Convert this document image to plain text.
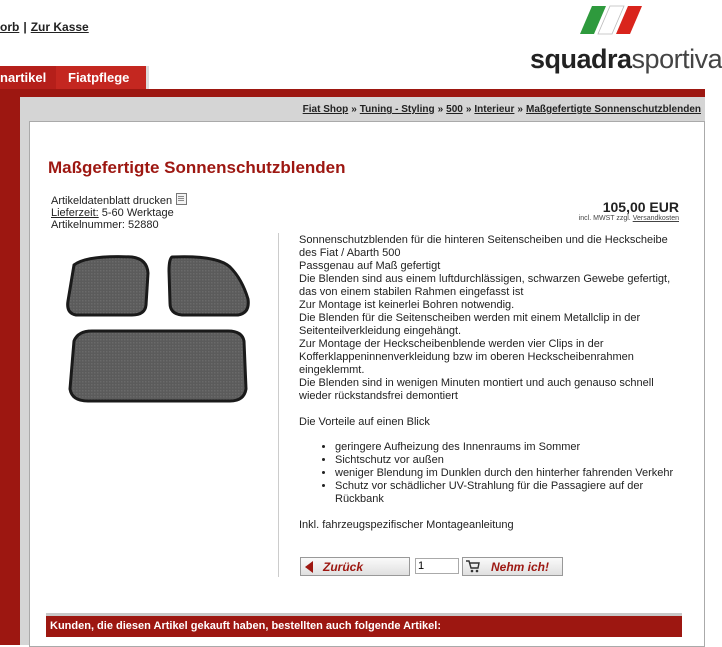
orb | Zur Kasse
squadrasportiva
nartikel Fiatpflege
Fiat Shop » Tuning - Styling » 500 » Interieur » Maßgefertigte Sonnenschutzblenden
Maßgefertigte Sonnenschutzblenden
Artikeldatenblatt drucken
Lieferzeit: 5-60 Werktage
Artikelnummer: 52880
105,00 EUR
incl. MWST zzgl. Versandkosten

Sonnenschutzblenden für die hinteren Seitenscheiben und die Heckscheibe des Fiat / Abarth 500

Passgenau auf Maß gefertigt

Die Blenden sind aus einem luftdurchlässigen, schwarzen Gewebe gefertigt, das von einem stabilen Rahmen eingefasst ist

Zur Montage ist keinerlei Bohren notwendig.

Die Blenden für die Seitenscheiben werden mit einem Metallclip in der Seitenteilverkleidung eingehängt.

Zur Montage der Heckscheibenblende werden vier Clips in der Kofferklappeninnenverkleidung bzw im oberen Heckscheibenrahmen eingeklemmt.

Die Blenden sind in wenigen Minuten montiert und auch genauso schnell wieder rückstandsfrei demontiert

Die Vorteile auf einen Blick

• geringere Aufheizung des Innenraums im Sommer
• Sichtschutz vor außen
• weniger Blendung im Dunklen durch den hinterher fahrenden Verkehr
• Schutz vor schädlicher UV-Strahlung für die Passagiere auf der Rückbank

Inkl. fahrzeugspezifischer Montageanleitung

Zurück
1	Nehm ich!
Kunden, die diesen Artikel gekauft haben, bestellten auch folgende Artikel:
